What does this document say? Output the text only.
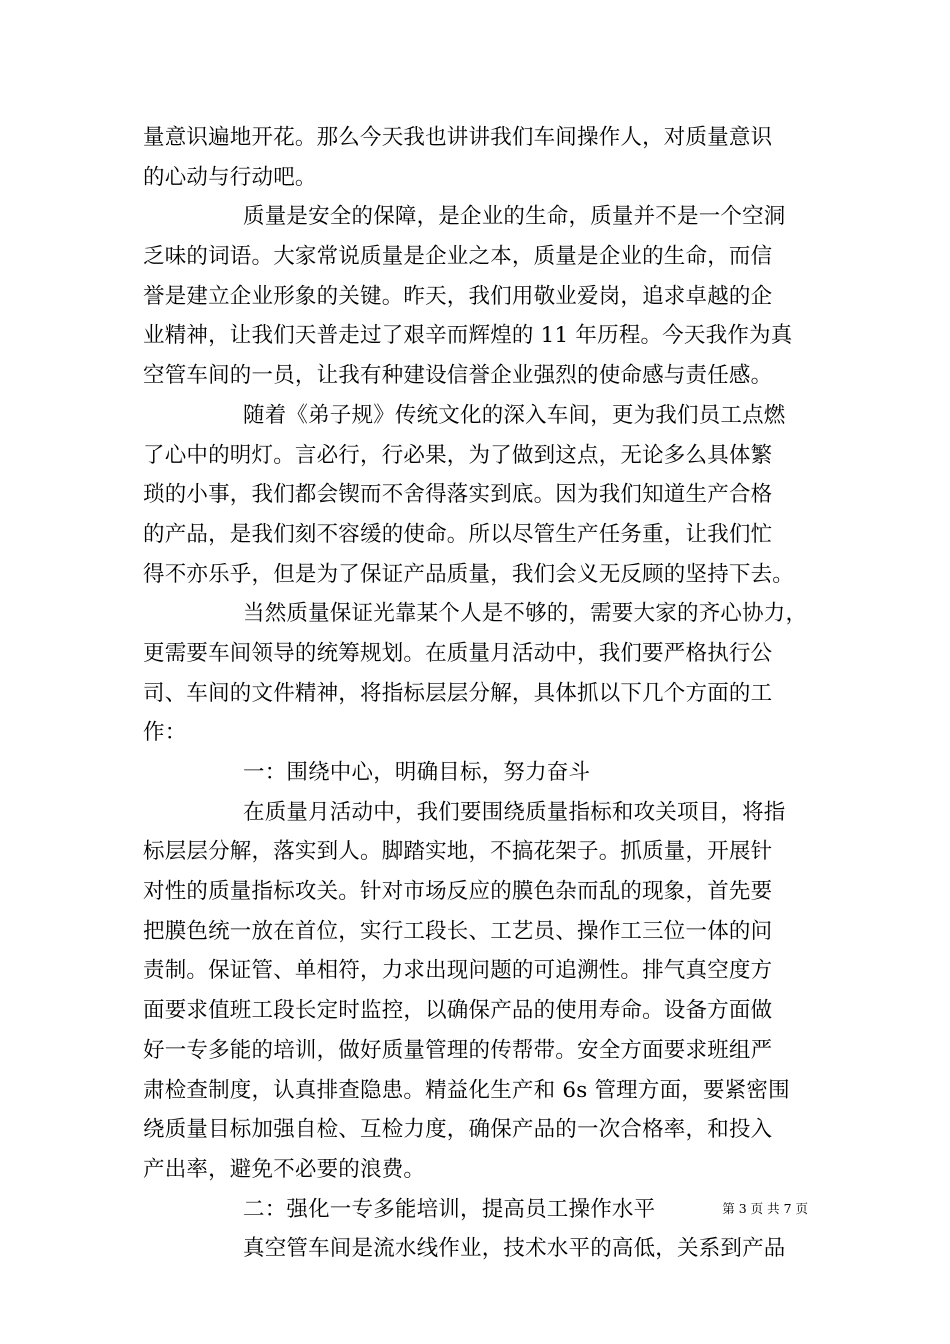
量意识遍地开花。那么今天我也讲讲我们车间操作人，对质量意识
的心动与行动吧。
质量是安全的保障，是企业的生命，质量并不是一个空洞
乏味的词语。大家常说质量是企业之本，质量是企业的生命，而信
誉是建立企业形象的关键。昨天，我们用敬业爱岗，追求卓越的企
业精神，让我们天普走过了艰辛而辉煌的 11 年历程。今天我作为真
空管车间的一员，让我有种建设信誉企业强烈的使命感与责任感。
随着《弟子规》传统文化的深入车间，更为我们员工点燃
了心中的明灯。言必行，行必果，为了做到这点，无论多么具体繁
琐的小事，我们都会锲而不舍得落实到底。因为我们知道生产合格
的产品，是我们刻不容缓的使命。所以尽管生产任务重，让我们忙
得不亦乐乎，但是为了保证产品质量，我们会义无反顾的坚持下去。
当然质量保证光靠某个人是不够的，需要大家的齐心协力，
更需要车间领导的统筹规划。在质量月活动中，我们要严格执行公
司、车间的文件精神，将指标层层分解，具体抓以下几个方面的工
作：
一：围绕中心，明确目标，努力奋斗
在质量月活动中，我们要围绕质量指标和攻关项目，将指
标层层分解，落实到人。脚踏实地，不搞花架子。抓质量，开展针
对性的质量指标攻关。针对市场反应的膜色杂而乱的现象，首先要
把膜色统一放在首位，实行工段长、工艺员、操作工三位一体的问
责制。保证管、单相符，力求出现问题的可追溯性。排气真空度方
面要求值班工段长定时监控，以确保产品的使用寿命。设备方面做
好一专多能的培训，做好质量管理的传帮带。安全方面要求班组严
肃检查制度，认真排查隐患。精益化生产和 6s 管理方面，要紧密围
绕质量目标加强自检、互检力度，确保产品的一次合格率，和投入
产出率，避免不必要的浪费。
二：强化一专多能培训，提高员工操作水平
真空管车间是流水线作业，技术水平的高低，关系到产品
第 3 页 共 7 页
